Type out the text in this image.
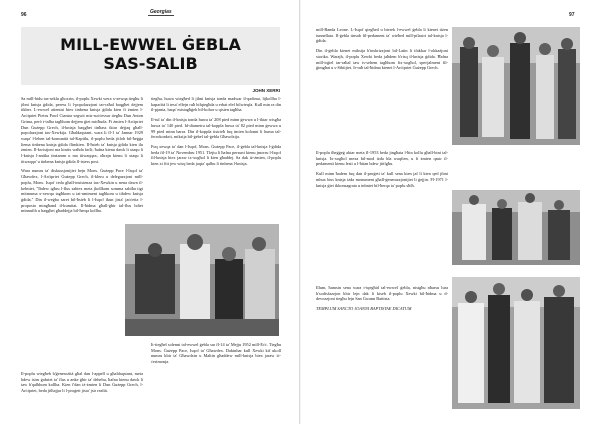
96	Georgias
MILL-EWWEL ĠEBLA
SAS-SALIB
JOHN XERRI

Sa mill-bidu tas-seklu għoxrin, il-poplu Xewki wera x-xewqa tiegħu li jibni knisja ġdida, peress li l-popolazzjoni tar-raħal baqgħet dejjem tikber. L-ewwel attentat biex tinbena knisja ġdida kien fi żmien l-Arċipriet Pietru Pawl Ciantar segwit mis-suċċessur tiegħu Dun Anton Grima, però t-talba tagħhom dejjem ġiet miċħuda. Fi żmien l-Arċipriet Dun Ġużepp Grech, il-knisja baqgħet tinħass iktar dejjaq għall-popolazzjoni tax-Xewkija. Għaldaqstant, wara li fl-1 ta' Jannar 1929 waqa' l-lehen tal-komunità tal-Kapitlu, il-poplu beda jitlob bil-ħeġġa liema tinbena knisja ġdida flimkien. Il-ħsieb ta' knisja ġdida kien ilu żmien. Il-kwistjoni ma kinitx waħda faċli; ħafna kienu dawk li xtaqu li l-knisja l-antika tinżamm u ma titwaqqax, oħrajn kienu li xtaqu li titwaqqa' u tinbena knisja ġdida fl-istess post.

Wara numru ta' diskussjonijiet bejn Mons. Ġużepp Pace l-Isqof ta' Għawdex, l-Arċipriet Ġużepp Grech, il-kleru u delegazzjoni mill-poplu, Mons. Isqof ċeda għall-insistenza tax-Xewkin u nena dawn il-kelmiet, "Ibdew igħru l-flus sabiex meta jkollkom somma sabiħa tigi mitmuma x-xewqa tagħkom u tat-umiment tagħkom u tibdew knisja ġdida." Din il-weġba saret bil-ħsieb li l-Isqof ikun jista' jaċċetta l-proposta mingħand il-kumitat. Il-ħidma għall-ġbir tal-flus bdiet minnufih u baqgħet għaddejja bil-ħerqa kollha.

Il-poplu wiegħeb b'ġenerożità għal dan l-appell u għaldaqstant, meta bdew isiru ġabriet ta' flus u anke ġbir ta' dehebu, ħafna kienu dawk li taw b'qalbhom kollha. Kien f'dan iż-żmien li Dun Ġużepp Grech, l-Arċipriet, beda jitħajjar li l-proġett jista' jsir realtà.

tiegħu, huwa wiegħed li jibni knisja tonda madwar il-qadima, lijkollha l-kapaċità li tesa' elfejn ruħ bilqiegħda u erbat elef bilwieqfa. Kull min ra din il-pjanta, baqa' mistagħġeb bil-kobor u qisien tagħha.

Il-tul ta' din il-knisja tonda huwa ta' 208 pied minn ġewwa u l-iktar wisgħa huwa ta' 140 pied. Id-diametru tal-koppla huwa ta' 82 pied minn ġewwa u 99 pied minn barra. Din il-koppla tistrieħ fuq tmien kolonni li huma tal-ferrokonkrit, miksija bil-ġebel tal-ġebla Għawdxija.

Fuq xewqa ta' dan l-Isqof, Mons. Ġużepp Pace, il-ġebla tal-knisja l-ġdida beda fil-19 ta' Novembru 1951. Tlejtu li ħafna persuni kienu jmorru l-Isqof fil-knisja biex jaraw ix-xogħol li kien għaddej. Sa dak iż-żmien, il-poplu kien xi ftit jew wisq beda jaqta' qalbu li tinbena l-knisja.

It-tiegħel solenni tal-ewwel ġebla sar fl-14 ta' Mejju 1952 mill-Eċċ. Tiegħu Mons. Ġużepp Pace, Isqof ta' Għawdex. Dakinhar kull Xewki kif ukoll numru kbir ta' Għawdxin u Maltin għaddew mill-knisja biex jaraw iċ-ċerimonja.

97

mill-Banda Leone. L-Isqof qiegħed u bierek l-ewwel ġebla li kienet tiżen tunnellata. Il-ġebla tinsab fil-pedament ta' wieħed mill-pilastri tal-knisja l-ġdida.

Din il-ġebla kienet miksija b'inskrizzjoni bil-Latin li tfakkar l-okkażjoni storika. Warajh, il-poplu Xewki beda jaħdem b'risq il-knisja ġdida. Ħafna mill-irġiel tar-raħal taw is-sehem tagħhom fix-xogħol, speċjalment fil-ġimgħat u s-Sibtijiet. Ir-ruħ tal-ħidma kienet l-Arċipriet Ġużepp Grech.

Il-poplu tħeġġeġ aktar meta fl-1953 beda jingħata l-ħin kollu għall-bini tal-knisja. Ix-xogħol mexa bil-mod iżda bla waqfien, u fi żmien qasir il-pedamenti kienu lesti u l-ħitan bdew jitilgħu.

Kull minn ħadem fuq dan il-proġett ta' kull sena kien jaf li kien qed jibni mhux biss knisja iżda monument għall-ġenerazzjonijiet li ġejjin. Fl-1971 l-knisja ġiet ikkonsagrata u inbniet bil-ħerqa ta' poplu sħiħ.

Illum, ħamsin sena wara t-tqegħid tal-ewwel ġebla, nistgħu nħarsu lura b'sodisfazzjon kbir lejn dak li kiseb il-poplu Xewki bil-ħidma u d-devozzjoni tiegħu lejn San Ġwann Battista.

TEMPLUM SANCTO JOANNI BAPTISTAE DICATUM
